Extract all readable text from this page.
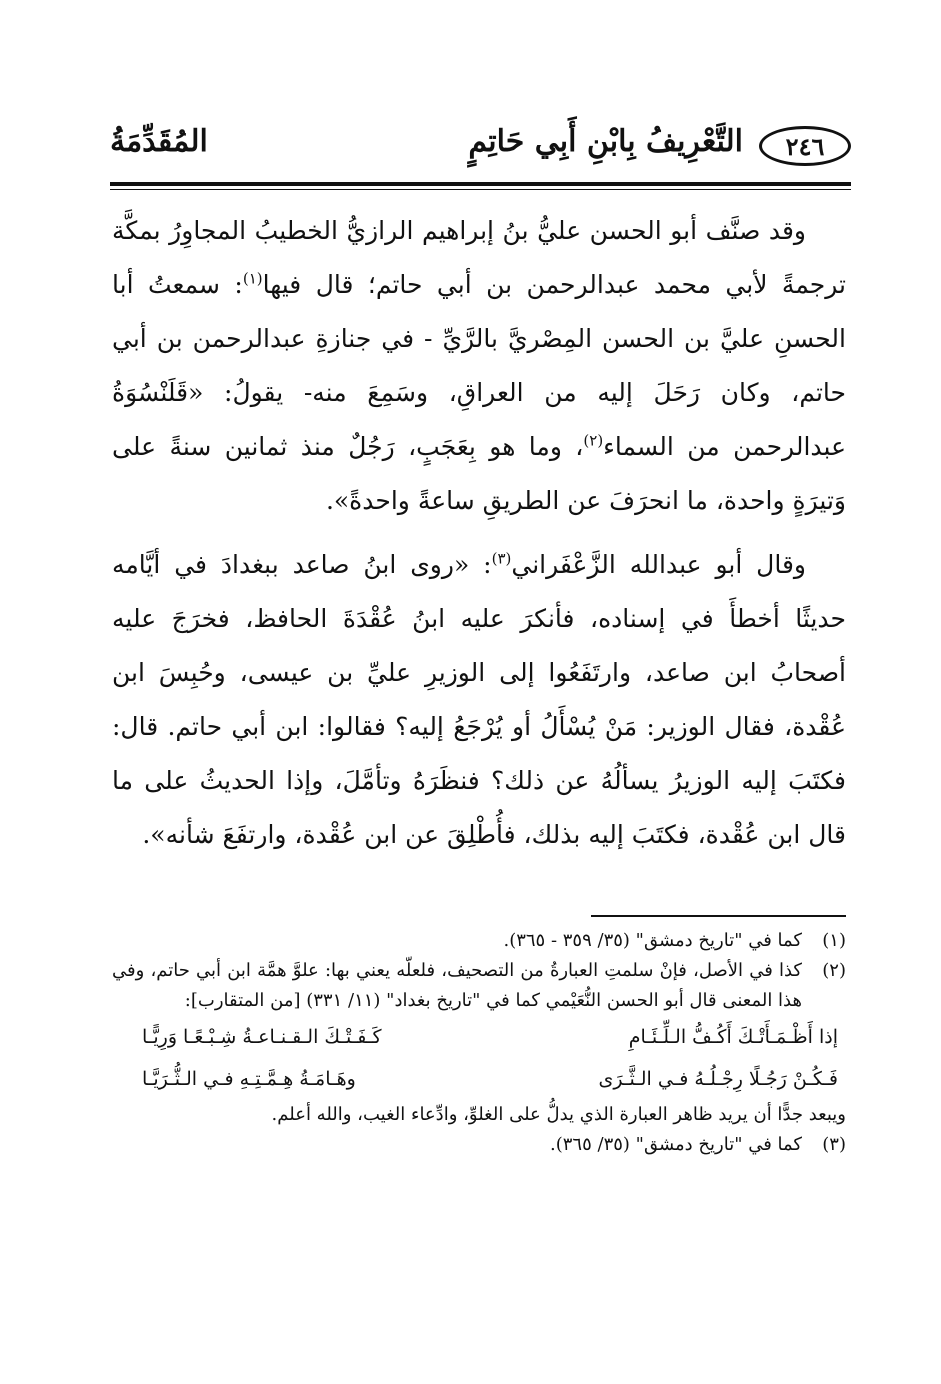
المُقَدِّمَةُ	التَّعْرِيفُ بِابْنِ أَبِي حَاتِمٍ	٢٤٦

وقد صنَّف أبو الحسن عليُّ بنُ إبراهيم الرازيُّ الخطيبُ المجاوِرُ بمكَّة ترجمةً لأبي محمد عبدالرحمن بن أبي حاتم؛ قال فيها$^{(١)}$: سمعتُ أبا الحسنِ عليَّ بن الحسن المِصْريَّ بالرَّيِّ - في جنازةِ عبدالرحمن بن أبي حاتم، وكان رَحَلَ إليه من العراقِ، وسَمِعَ منه- يقولُ: «قَلَنْسُوَةُ عبدالرحمن من السماء$^{(٢)}$، وما هو بِعَجَبٍ، رَجُلٌ منذ ثمانين سنةً على وَتيرَةٍ واحدة، ما انحرَفَ عن الطريقِ ساعةً واحدةً».

وقال أبو عبدالله الزَّعْفَراني$^{(٣)}$: «روى ابنُ صاعد ببغدادَ في أيَّامه حديثًا أخطأَ في إسناده، فأنكرَ عليه ابنُ عُقْدَةَ الحافظ، فخرَجَ عليه أصحابُ ابن صاعد، وارتَفَعُوا إلى الوزيرِ عليِّ بن عيسى، وحُبِسَ ابن عُقْدة، فقال الوزير: مَنْ يُسْأَلُ أو يُرْجَعُ إليه؟ فقالوا: ابن أبي حاتم. قال: فكتَبَ إليه الوزيرُ يسألُهُ عن ذلك؟ فنظَرَهُ وتأمَّلَ، وإذا الحديثُ على ما قال ابن عُقْدة، فكتَبَ إليه بذلك، فأُطْلِقَ عن ابن عُقْدة، وارتفَعَ شأنه».

(١)
كما في "تاريخ دمشق" (٣٥/ ٣٥٩ - ٣٦٥).
(٢)
كذا في الأصل، فإنْ سلمتِ العبارةُ من التصحيف، فلعلّه يعني بها: علوَّ همَّة ابن أبي حاتم، وفي هذا المعنى قال أبو الحسن النُّعَيْمي كما في "تاريخ بغداد" (١١/ ٣٣١) [من المتقارب]:
إذا أَظْـمَـأَتْـكَ أَكُـفُّ الـلِّـئَـامِ
كَـفَـتْـكَ الـقـنـاعـةُ شِـبْـعًـا وَرِيًّـا
فَـكُـنْ رَجُـلًا رِجْـلُـهُ فـي الـثَّـرَى
وهَـامَـةُ هِـمَّـتِـهِ فـي الـثُّـرَيَّـا

ويبعد جدًّا أن يريد ظاهر العبارة الذي يدلُّ على الغلوِّ، وادِّعاء الغيب، والله أعلم.

(٣)
كما في "تاريخ دمشق" (٣٥/ ٣٦٥).
